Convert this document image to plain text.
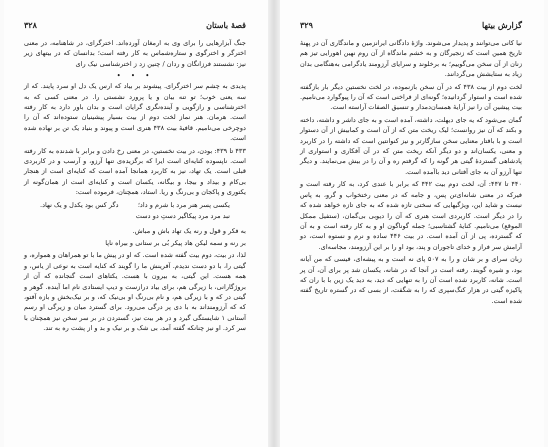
قصهٔ باستان
۳۲۸

جنگ آبزارهایی را برای وی به ارمغان آورده‌اند. اخترگرای، در شاهنامه، در معنی اخترگر و اخترگوی و ستاره‌شماس به کار رفته است؛ بدانسان که در بیتهای زیر نیز: نشستند فرزانگان و ردان / چنین زد ز اخترشناسی نیک رای

• • •

پدیدی به چشم سر اخترگرای. پیشوند بر بیاد که ارس یک دل او سرد پایند. که از سه یعنی خوب؛ تو تنه بیان و یا پرورد نشستی را. در معنی کسی که به اخترشناسی و رازگویی و آینده‌نگری گرایان است و بدان باور دارد به کار رفته است. هرمان. هنر نماز لخت دوم از بیت بسیار پیشینیان ستوده‌اند که آن را دوچرخی می‌نامیم. قافیهٔ بیت ۴۳۸ هنری است و پیوند و بنیاد یک تن بر نهاده شده است.

۴۳۳ تا ۴۳۹: بودن، در بیت نخستین، در معنی رخ دادن و برابر با شدنده به کار رفته است. ناپسوده کنایه‌ای است ایرا که برگزیده‌ی تنها آرزو، و آرسب و در کاربردی قبلی است. یک تهاد، نیز به کاربرد همانجا آمده است که کنایه‌ای است از هنجار بی‌کام و بیداد و بیجا، و بیگانه، یکسان است و کنایه‌ای است از همان‌گونه از یکتوری و پاکجان و بی‌رنگ و ریا. استاد، همچنان، فرموده است:

یکسی پسر هنر مرد با شرم و داد؛
دگر کس بود یکدل و یک نهاد.
نبد مرد مرد پیکاگیر دستِ دو دست

به فکر و قول و رنه یک تهاد باش و مباش.

بر رنه و سمه لیکن هاد پیکر بُی بر ستانی و بیراه ناپا

لذا، در بیت، دوم بیت گفته شده است. که او در پیش ما با تو همراهان و همواره، و گیتی را، با دو دست ندیدم. آفرینش ما را گویند که کنایه است به نوعی از یاس، و همه هست. این گیتی، به بیرون با هست. یکتاهای است گنجانده که آن از بروژگارانی، با زیرگی هم، برای بیاد درازست و دیپ ایستادی نام اما آینده. گوهر و گیتی در که و با زیرگی هم، و نام بی‌رنگ او بی‌نیک که، و بر نیک‌بخش و بازه آفتو، که که آرزومنداند به با دی پر درگی می‌رود. برای گسترد میان و زیرگی او رسم آستانی ۱ شایستگی گیرد و در هر بیت نیز، گستردن در بر سر سخن نیز همچنان با سر کرد. او نیز چنانکه گفته آمد، بی شک و بر نیک و بد و از پشت ره به تند.

گزارش بیتها
۳۲۹

نیا کانی می‌توانند و پدیدار می‌شوند. واژهٔ دادگانی ایرانزمین و ماندگاری آن در پهنهٔ تاریخ همین است که زنجیرگان و به خشم ماندگاه از آن روم نهین اهورایی تیز هم زنان از آن سخن می‌گوییم؛ به برخلوند و سرایای آرزومند یادگرامی به‌هنگامی بدان زیاد به ستایشش می‌گردانند.

لخت دوم از بیت ۴۳۸ که در آن سخن بازنموده، در لخت نخستین دیگر بار بازگفته شده است و استوار گردانیده؛ گونه‌ای از فراخنی است که آن را پیوگوارد می‌نامیم. بیت پیشین آن را نیز آرایهٔ همسان‌دمدار و تنسیق الصفات آراسته است.

گمان می‌شود که یه جای دیهلت، داشته، آمده است و به جای داشر و داشته، داخته و بکند که آن نیز روانست؛ لیک ریخت متن که از آن است و کمابیش از آن دستوار است و با بافتار معنایی سخن سازگارتر و نیز کنوانتین است که داشته را در کاربرد و معنی، یکسان‌اند و دو دیگر آنکه ریخت متن که در آن آفکاری و استواری از پادشاهی گستردهٔ گیتی هر گونه را که گرفتم ره و آن را در بیش می‌نمایند. و دیگر تنها آرزو آن به جای آفتانی دید باآمده است.

۴۴۰ تا ۴۴۷: آن، لخت دوم بیت ۴۴۲ که برابر با عندی کرد، به کار رفته است و فیرکه در معنی شانه‌ای‌تن پس، و جامه که در معنی رختخواب و گرو، به پاس نیست و شاید این، ویژگیهایی که سختی تازه شده که به جای تازه خواهد شده که را در دیگر است. کاربردی است هنری که آن را دیوبی بی‌گمان، (ستفیل ممکل الموقع) می‌نامیم. کنایهٔ گشتاسبی؛ جمله گوناگون او و به کار رفته است و به آن که گسترده، پی از آن آمده است. در بیت ۴۴۶ ساده و نرم و نستوه است، دو آرامش سر فراز و خدای تاجوران و پند، بود او را بر این آرزومند، مجاسه‌ای.

زبان سرای و بر شان و را به ۵۰۷ پای نه است و به پیشه‌ای، فیسی که من آیانه بود، و شیره گویند. رفته است در آنجا که در شانه، یکسان شد پر برای آن، آن پر است. شانه، کاربرد شده است آن را به تنهایی که دید، به دید یک زین با با ران که پاکیزه گیتی در هزار کنگ‌سپری که را به شگفت، از بسی که در گستره تاریخ گفته شده است.
